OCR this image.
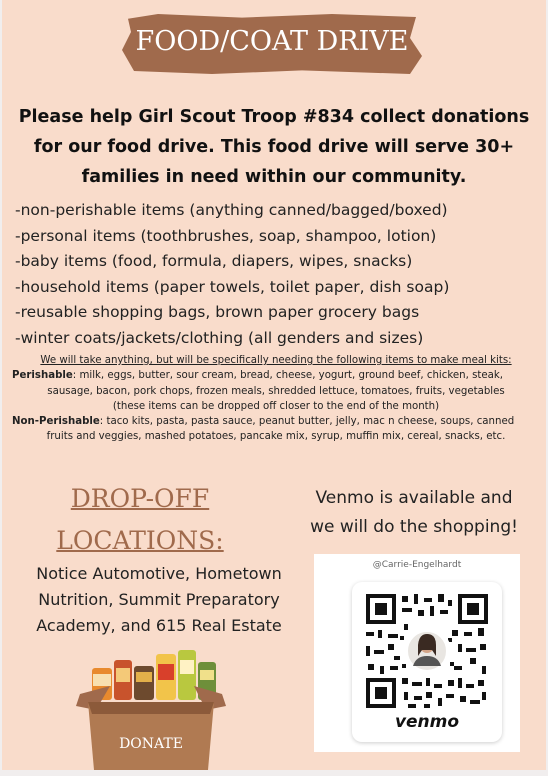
FOOD/COAT DRIVE
Please help Girl Scout Troop #834 collect donations
for our food drive. This food drive will serve 30+
families in need within our community.
-non-perishable items (anything canned/bagged/boxed)
-personal items (toothbrushes, soap, shampoo, lotion)
-baby items (food, formula, diapers, wipes, snacks)
-household items (paper towels, toilet paper, dish soap)
-reusable shopping bags, brown paper grocery bags
-winter coats/jackets/clothing (all genders and sizes)
We will take anything, but will be specifically needing the following items to make meal kits:
Perishable: milk, eggs, butter, sour cream, bread, cheese, yogurt, ground beef, chicken, steak,
sausage, bacon, pork chops, frozen meals, shredded lettuce, tomatoes, fruits, vegetables
(these items can be dropped off closer to the end of the month)
Non-Perishable: taco kits, pasta, pasta sauce, peanut butter, jelly, mac n cheese, soups, canned
fruits and veggies, mashed potatoes, pancake mix, syrup, muffin mix, cereal, snacks, etc.
DROP-OFF
LOCATIONS:
Notice Automotive, Hometown
Nutrition, Summit Preparatory
Academy, and 615 Real Estate
Venmo is available and
we will do the shopping!
@Carrie-Engelhardt
venmo
DONATE
